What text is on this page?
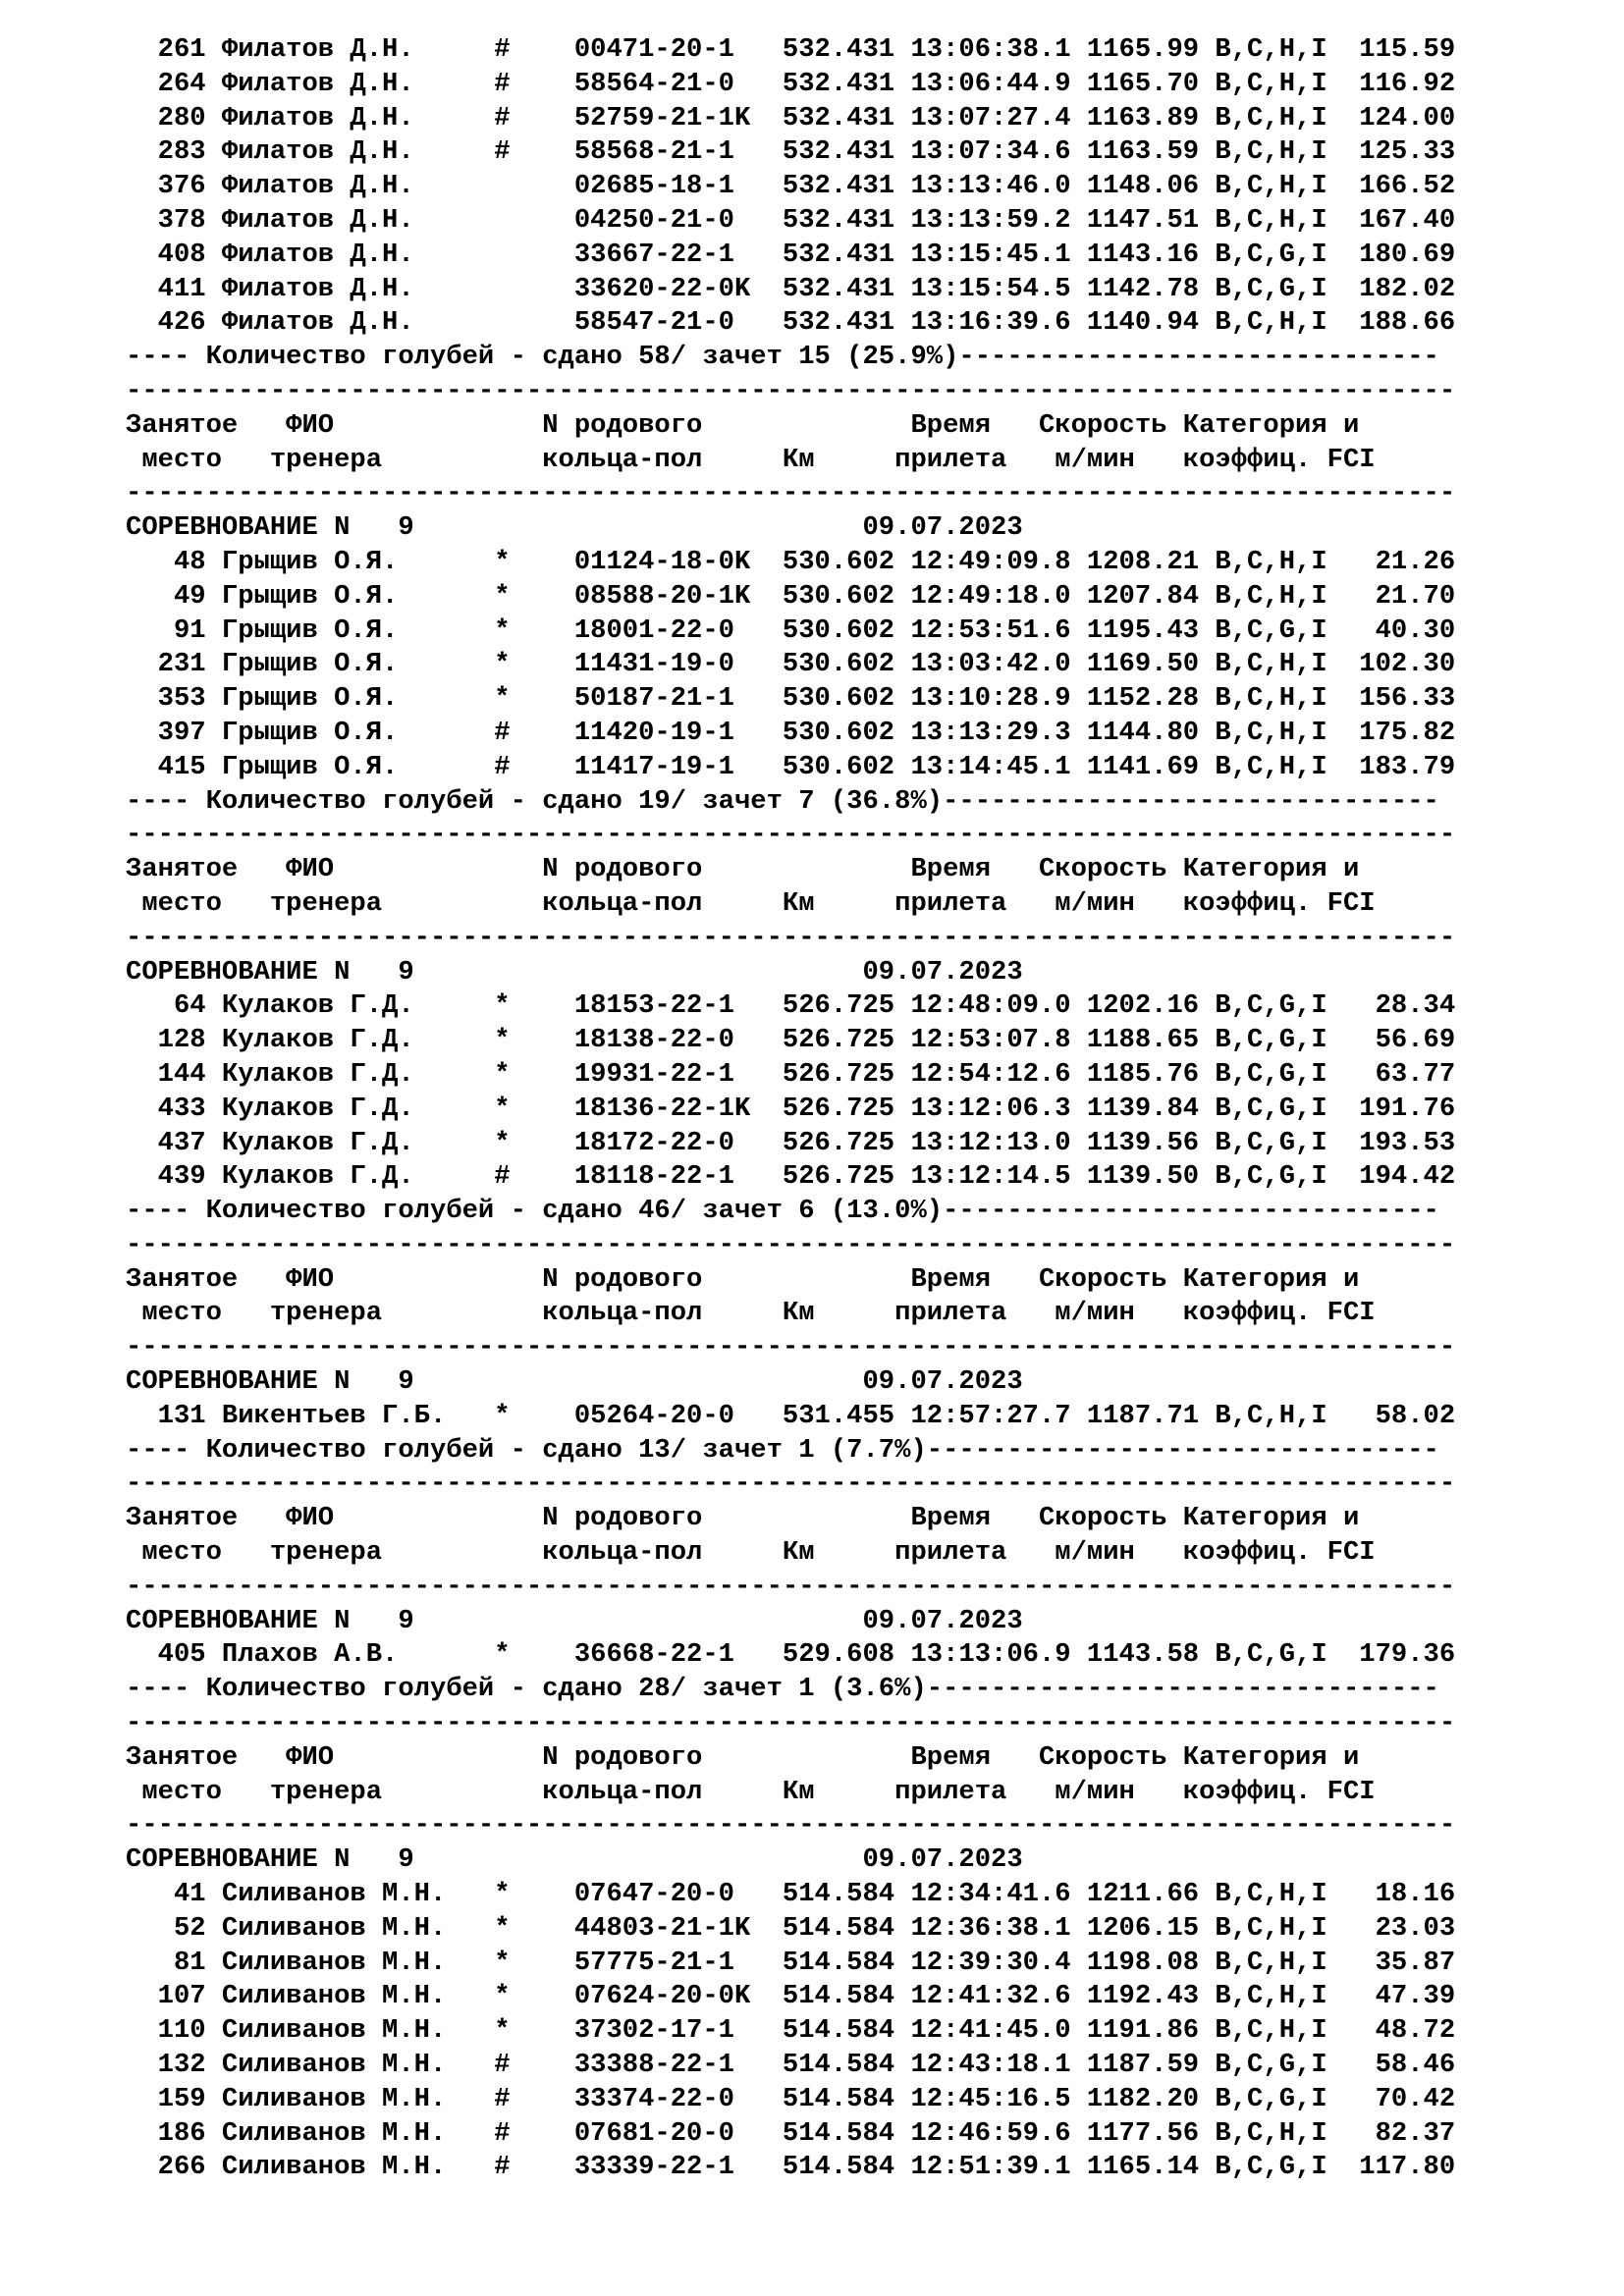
261 Филатов Д.Н.     #    00471-20-1   532.431 13:06:38.1 1165.99 B,C,H,I  115.59
264 Филатов Д.Н.     #    58564-21-0   532.431 13:06:44.9 1165.70 B,C,H,I  116.92
280 Филатов Д.Н.     #    52759-21-1K  532.431 13:07:27.4 1163.89 B,C,H,I  124.00
283 Филатов Д.Н.     #    58568-21-1   532.431 13:07:34.6 1163.59 B,C,H,I  125.33
376 Филатов Д.Н.          02685-18-1   532.431 13:13:46.0 1148.06 B,C,H,I  166.52
378 Филатов Д.Н.          04250-21-0   532.431 13:13:59.2 1147.51 B,C,H,I  167.40
408 Филатов Д.Н.          33667-22-1   532.431 13:15:45.1 1143.16 B,C,G,I  180.69
411 Филатов Д.Н.          33620-22-0K  532.431 13:15:54.5 1142.78 B,C,G,I  182.02
426 Филатов Д.Н.          58547-21-0   532.431 13:16:39.6 1140.94 B,C,H,I  188.66
---- Количество голубей - сдано 58/ зачет 15 (25.9%)------------------------------
-----------------------------------------------------------------------------------
Занятое   ФИО             N родового             Время   Скорость Категория и
место   тренера          кольца-пол     Км     прилета   м/мин   коэффиц. FCI
-----------------------------------------------------------------------------------
СОРЕВНОВАНИЕ N   9                            09.07.2023
48 Грыщив О.Я.      *    01124-18-0K  530.602 12:49:09.8 1208.21 B,C,H,I   21.26
49 Грыщив О.Я.      *    08588-20-1K  530.602 12:49:18.0 1207.84 B,C,H,I   21.70
91 Грыщив О.Я.      *    18001-22-0   530.602 12:53:51.6 1195.43 B,C,G,I   40.30
231 Грыщив О.Я.      *    11431-19-0   530.602 13:03:42.0 1169.50 B,C,H,I  102.30
353 Грыщив О.Я.      *    50187-21-1   530.602 13:10:28.9 1152.28 B,C,H,I  156.33
397 Грыщив О.Я.      #    11420-19-1   530.602 13:13:29.3 1144.80 B,C,H,I  175.82
415 Грыщив О.Я.      #    11417-19-1   530.602 13:14:45.1 1141.69 B,C,H,I  183.79
---- Количество голубей - сдано 19/ зачет 7 (36.8%)-------------------------------
-----------------------------------------------------------------------------------
Занятое   ФИО             N родового             Время   Скорость Категория и
место   тренера          кольца-пол     Км     прилета   м/мин   коэффиц. FCI
-----------------------------------------------------------------------------------
СОРЕВНОВАНИЕ N   9                            09.07.2023
64 Кулаков Г.Д.     *    18153-22-1   526.725 12:48:09.0 1202.16 B,C,G,I   28.34
128 Кулаков Г.Д.     *    18138-22-0   526.725 12:53:07.8 1188.65 B,C,G,I   56.69
144 Кулаков Г.Д.     *    19931-22-1   526.725 12:54:12.6 1185.76 B,C,G,I   63.77
433 Кулаков Г.Д.     *    18136-22-1K  526.725 13:12:06.3 1139.84 B,C,G,I  191.76
437 Кулаков Г.Д.     *    18172-22-0   526.725 13:12:13.0 1139.56 B,C,G,I  193.53
439 Кулаков Г.Д.     #    18118-22-1   526.725 13:12:14.5 1139.50 B,C,G,I  194.42
---- Количество голубей - сдано 46/ зачет 6 (13.0%)-------------------------------
-----------------------------------------------------------------------------------
Занятое   ФИО             N родового             Время   Скорость Категория и
место   тренера          кольца-пол     Км     прилета   м/мин   коэффиц. FCI
-----------------------------------------------------------------------------------
СОРЕВНОВАНИЕ N   9                            09.07.2023
131 Викентьев Г.Б.   *    05264-20-0   531.455 12:57:27.7 1187.71 B,C,H,I   58.02
---- Количество голубей - сдано 13/ зачет 1 (7.7%)--------------------------------
-----------------------------------------------------------------------------------
Занятое   ФИО             N родового             Время   Скорость Категория и
место   тренера          кольца-пол     Км     прилета   м/мин   коэффиц. FCI
-----------------------------------------------------------------------------------
СОРЕВНОВАНИЕ N   9                            09.07.2023
405 Плахов А.В.      *    36668-22-1   529.608 13:13:06.9 1143.58 B,C,G,I  179.36
---- Количество голубей - сдано 28/ зачет 1 (3.6%)--------------------------------
-----------------------------------------------------------------------------------
Занятое   ФИО             N родового             Время   Скорость Категория и
место   тренера          кольца-пол     Км     прилета   м/мин   коэффиц. FCI
-----------------------------------------------------------------------------------
СОРЕВНОВАНИЕ N   9                            09.07.2023
41 Силиванов М.Н.   *    07647-20-0   514.584 12:34:41.6 1211.66 B,C,H,I   18.16
52 Силиванов М.Н.   *    44803-21-1K  514.584 12:36:38.1 1206.15 B,C,H,I   23.03
81 Силиванов М.Н.   *    57775-21-1   514.584 12:39:30.4 1198.08 B,C,H,I   35.87
107 Силиванов М.Н.   *    07624-20-0K  514.584 12:41:32.6 1192.43 B,C,H,I   47.39
110 Силиванов М.Н.   *    37302-17-1   514.584 12:41:45.0 1191.86 B,C,H,I   48.72
132 Силиванов М.Н.   #    33388-22-1   514.584 12:43:18.1 1187.59 B,C,G,I   58.46
159 Силиванов М.Н.   #    33374-22-0   514.584 12:45:16.5 1182.20 B,C,G,I   70.42
186 Силиванов М.Н.   #    07681-20-0   514.584 12:46:59.6 1177.56 B,C,H,I   82.37
266 Силиванов М.Н.   #    33339-22-1   514.584 12:51:39.1 1165.14 B,C,G,I  117.80
